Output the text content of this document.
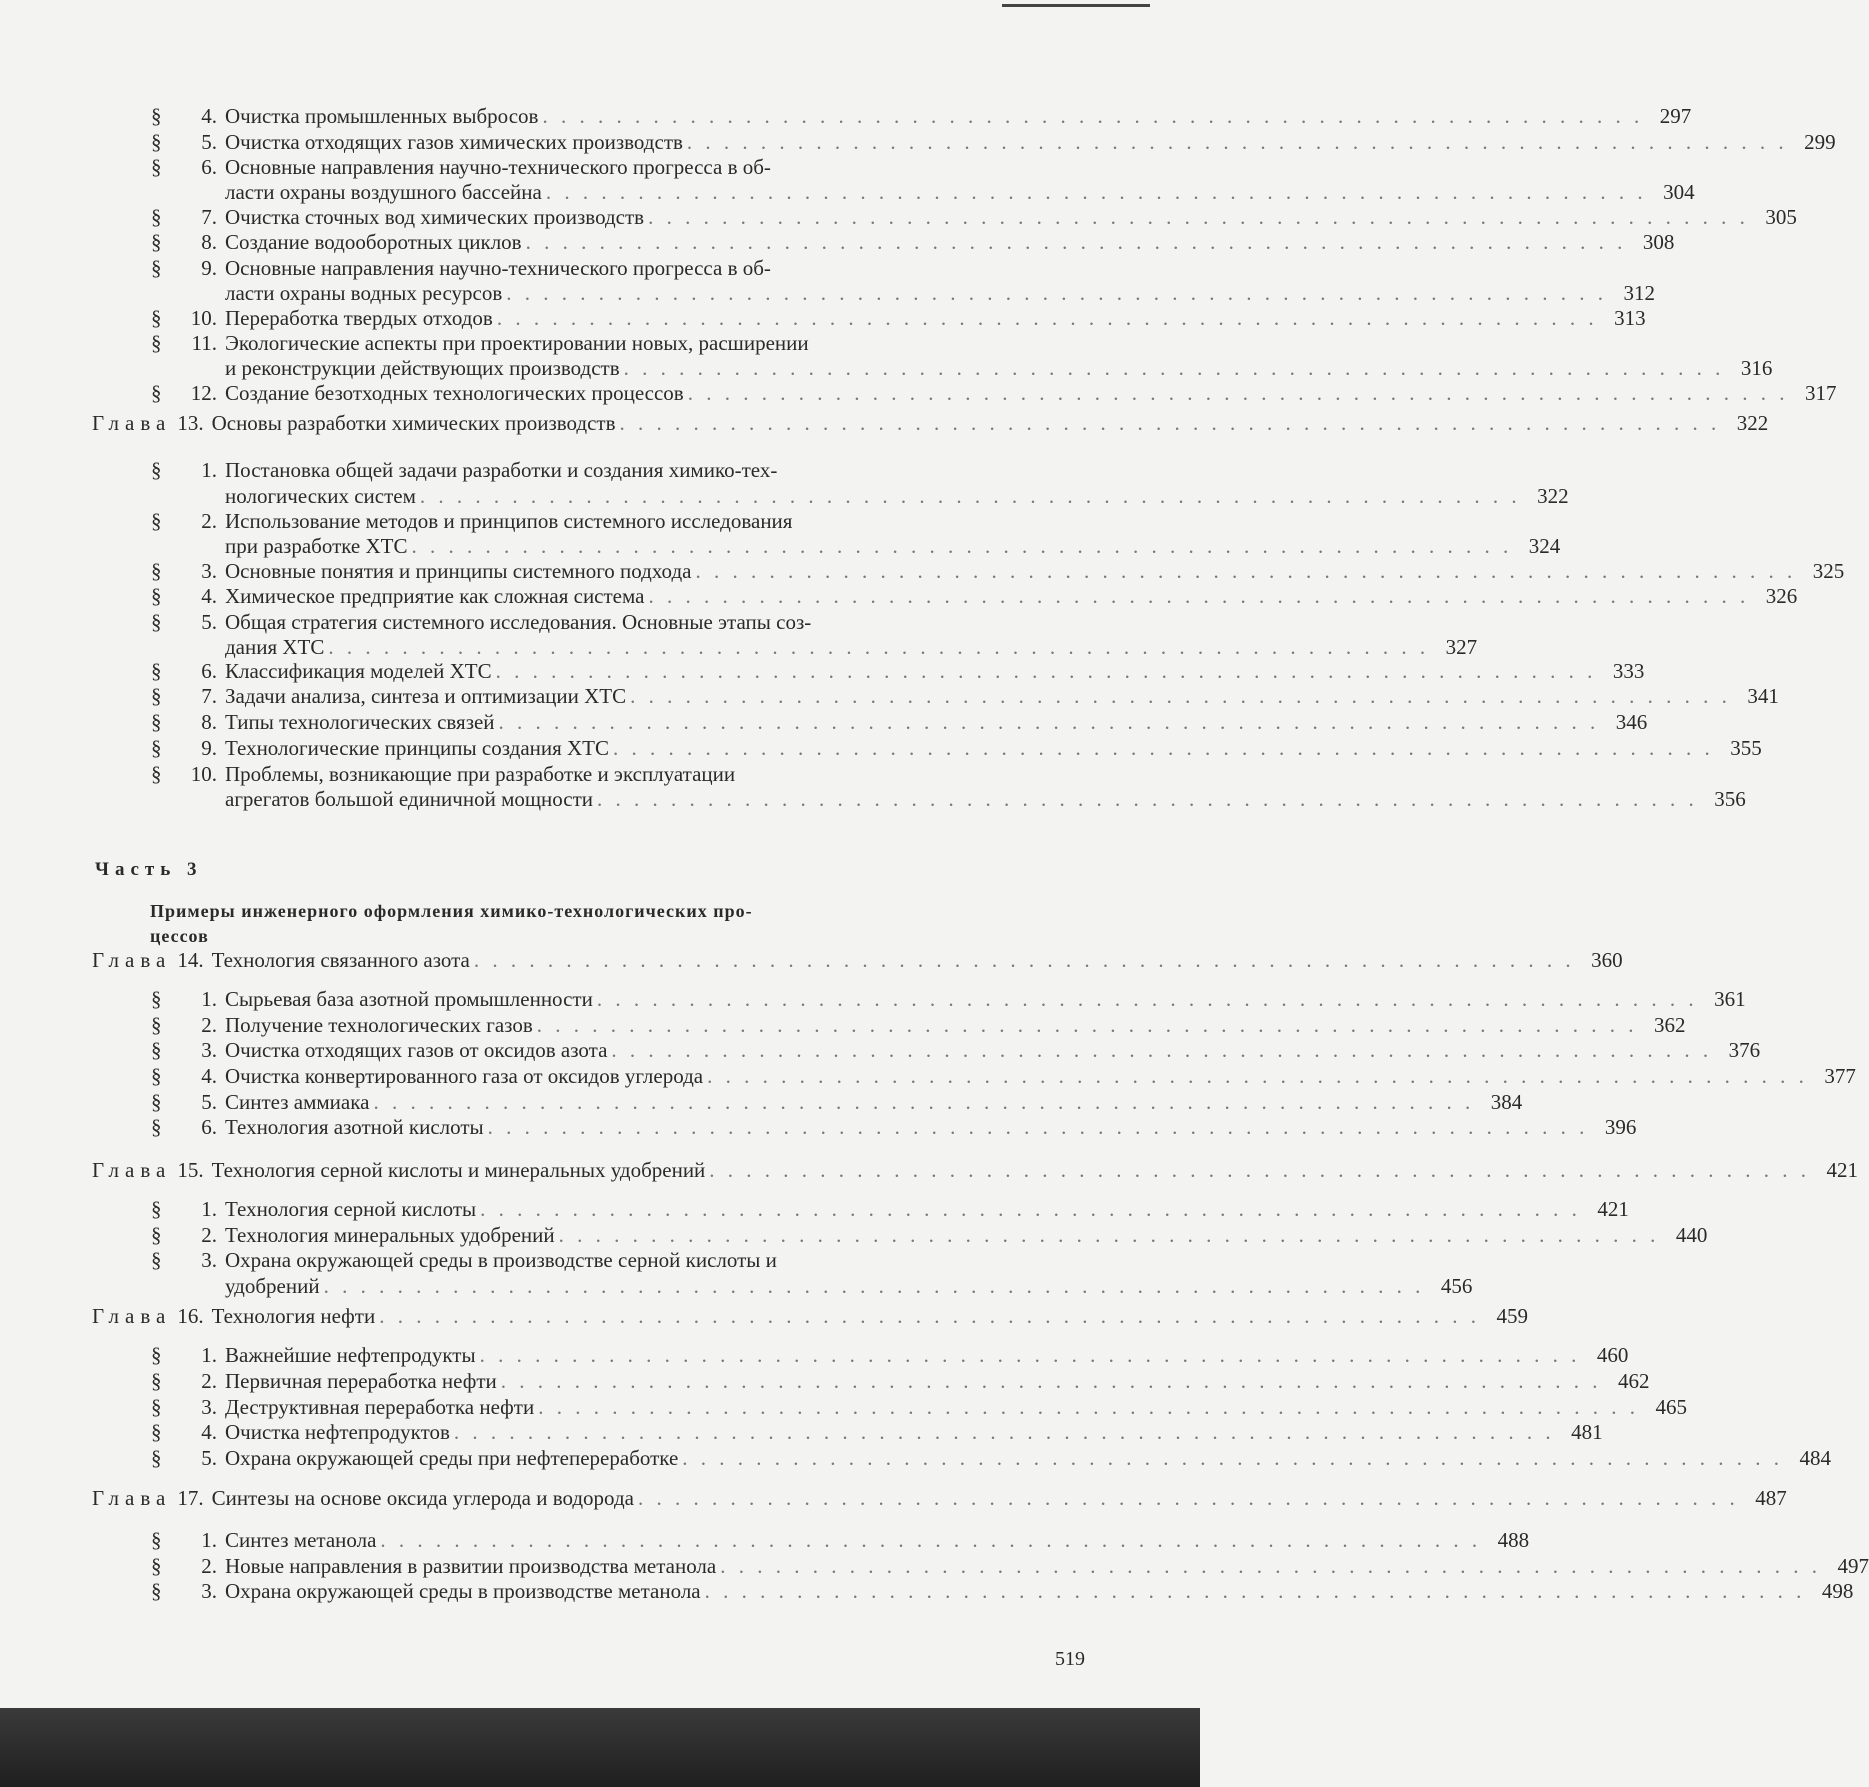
§ 4. Очистка промышленных выбросов . . .	297
§ 5. Очистка отходящих газов химических производств . . .	299
§ 6. Основные направления научно-технического прогресса в об-
ласти охраны воздушного бассейна . . .	304
§ 7. Очистка сточных вод химических производств . . .	305
§ 8. Создание водооборотных циклов . . .	308
§ 9. Основные направления научно-технического прогресса в об-
ласти охраны водных ресурсов . . .	312
§ 10. Переработка твердых отходов . . .	313
§ 11. Экологические аспекты при проектировании новых, расширении
и реконструкции действующих производств . . .	316
§ 12. Создание безотходных технологических процессов . . .	317
Глава 13. Основы разработки химических производств . . .	322
§ 1. Постановка общей задачи разработки и создания химико-тех-
нологических систем . . .	322
§ 2. Использование методов и принципов системного исследования
при разработке ХТС . . .	324
§ 3. Основные понятия и принципы системного подхода . . .	325
§ 4. Химическое предприятие как сложная система . . .	326
§ 5. Общая стратегия системного исследования. Основные этапы соз-
дания ХТС . . .	327
§ 6. Классификация моделей ХТС . . .	333
§ 7. Задачи анализа, синтеза и оптимизации ХТС . . .	341
§ 8. Типы технологических связей . . .	346
§ 9. Технологические принципы создания ХТС . . .	355
§ 10. Проблемы, возникающие при разработке и эксплуатации
агрегатов большой единичной мощности . . .	356
Глава 14. Технология связанного азота . . .	360
§ 1. Сырьевая база азотной промышленности . . .	361
§ 2. Получение технологических газов . . .	362
§ 3. Очистка отходящих газов от оксидов азота . . .	376
§ 4. Очистка конвертированного газа от оксидов углерода . . .	377
§ 5. Синтез аммиака . . .	384
§ 6. Технология азотной кислоты . . .	396
Глава 15. Технология серной кислоты и минеральных удобрений . . .	421
§ 1. Технология серной кислоты . . .	421
§ 2. Технология минеральных удобрений . . .	440
§ 3. Охрана окружающей среды в производстве серной кислоты и
удобрений . . .	456
Глава 16. Технология нефти . . .	459
§ 1. Важнейшие нефтепродукты . . .	460
§ 2. Первичная переработка нефти . . .	462
§ 3. Деструктивная переработка нефти . . .	465
§ 4. Очистка нефтепродуктов . . .	481
§ 5. Охрана окружающей среды при нефтепереработке . . .	484
Глава 17. Синтезы на основе оксида углерода и водорода . . .	487
§ 1. Синтез метанола . . .	488
§ 2. Новые направления в развитии производства метанола . . .	497
§ 3. Охрана окружающей среды в производстве метанола . . .	498
Часть 3
Примеры инженерного оформления химико-технологических про-
цессов
519
